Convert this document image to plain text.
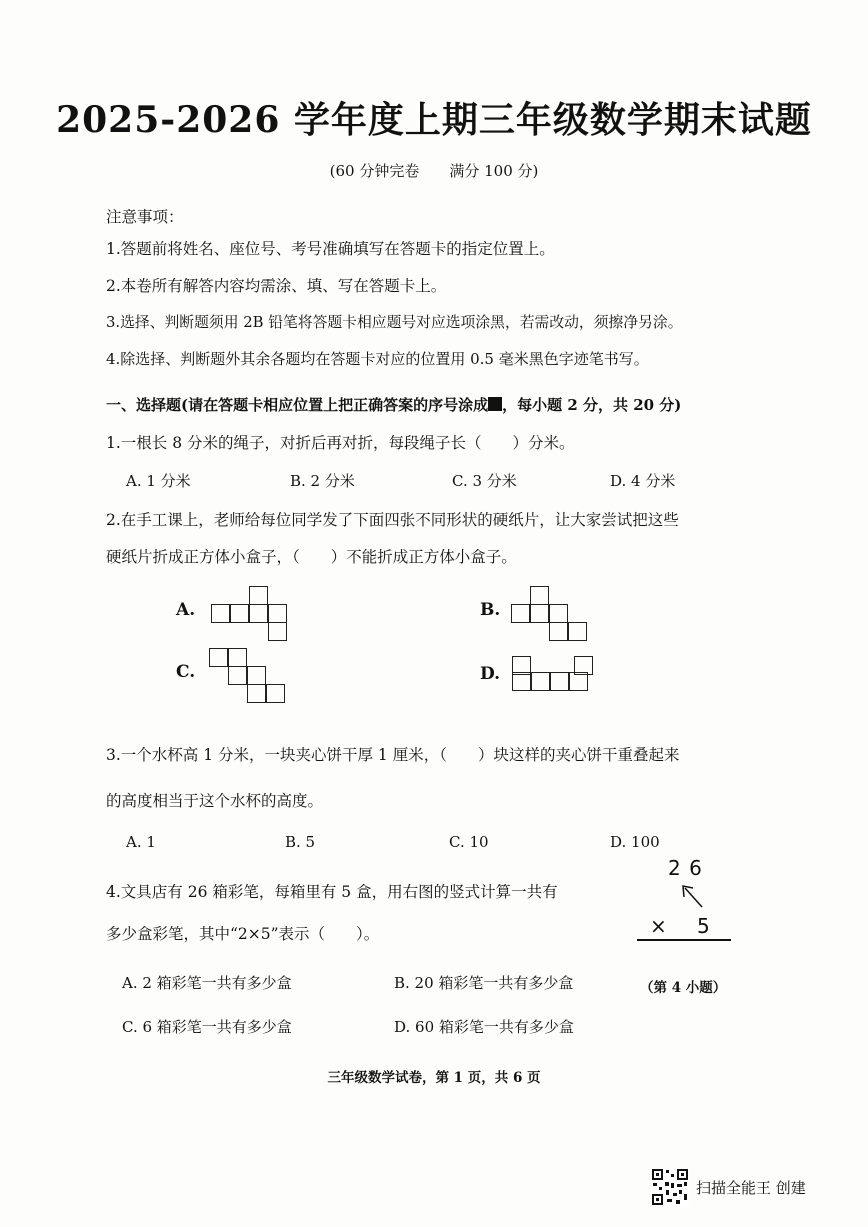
2025-2026 学年度上期三年级数学期末试题
(60 分钟完卷　　满分 100 分)
注意事项：
1.答题前将姓名、座位号、考号准确填写在答题卡的指定位置上。
2.本卷所有解答内容均需涂、填、写在答题卡上。
3.选择、判断题须用 2B 铅笔将答题卡相应题号对应选项涂黑，若需改动，须擦净另涂。
4.除选择、判断题外其余各题均在答题卡对应的位置用 0.5 毫米黑色字迹笔书写。
一、选择题(请在答题卡相应位置上把正确答案的序号涂成 ，每小题 2 分，共 20 分)
1.一根长 8 分米的绳子，对折后再对折，每段绳子长（　　）分米。
A. 1 分米	B. 2 分米	C. 3 分米	D. 4 分米
2.在手工课上，老师给每位同学发了下面四张不同形状的硬纸片，让大家尝试把这些
硬纸片折成正方体小盒子，（　　）不能折成正方体小盒子。
A.	B.
C.	D.
3.一个水杯高 1 分米，一块夹心饼干厚 1 厘米，（　　）块这样的夹心饼干重叠起来
的高度相当于这个水杯的高度。
A. 1	B. 5	C. 10	D. 100
4.文具店有 26 箱彩笔，每箱里有 5 盒，用右图的竖式计算一共有
多少盒彩笔，其中“2×5”表示（　　）。
2 6
× 5
（第 4 小题）
A. 2 箱彩笔一共有多少盒	B. 20 箱彩笔一共有多少盒
C. 6 箱彩笔一共有多少盒	D. 60 箱彩笔一共有多少盒
三年级数学试卷，第 1 页，共 6 页
扫描全能王 创建
